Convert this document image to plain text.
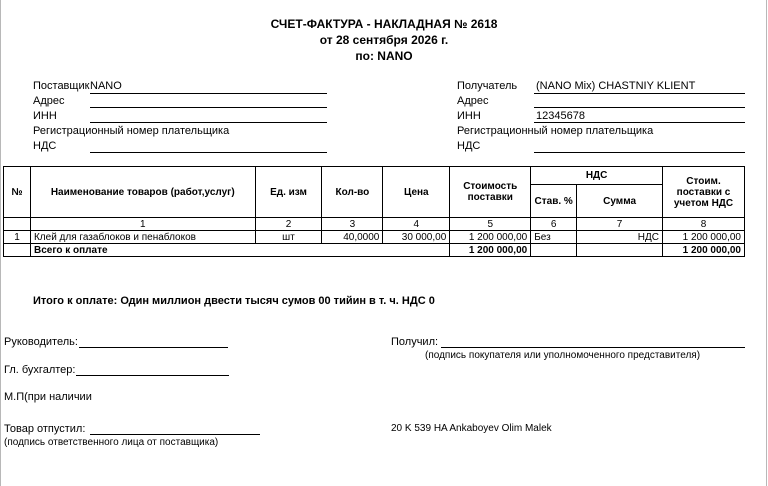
СЧЕТ-ФАКТУРА - НАКЛАДНАЯ № 2618
от 28 сентября 2026 г.
по: NANO
Поставщик NANO
Адрес
ИНН
Регистрационный номер плательщика
НДС
Получатель (NANO Mix) CHASTNIY KLIENT
Адрес
ИНН	12345678
Регистрационный номер плательщика
НДС
№	Наименование товаров (работ,услуг)	Ед. изм	Кол-во	Цена	Стоимость поставки	НДС		Стоим. поставки с учетом НДС
						Став. %	Сумма	
	1	2	3	4	5	6	7	8
1	Клей для газаблоков и пенаблоков	шт	40,0000	30 000,00	1 200 000,00	Без	НДС	1 200 000,00
	Всего к оплате				1 200 000,00			1 200 000,00
Итого к оплате: Один миллион двести тысяч сумов 00 тийин в т. ч. НДС 0
Руководитель:
Гл. бухгалтер:
М.П(при наличии
Товар отпустил:
(подпись ответственного лица от поставщика)
Получил:
(подпись покупателя или уполномоченного представителя)
20 K 539 HA Ankaboyev Olim Malek
